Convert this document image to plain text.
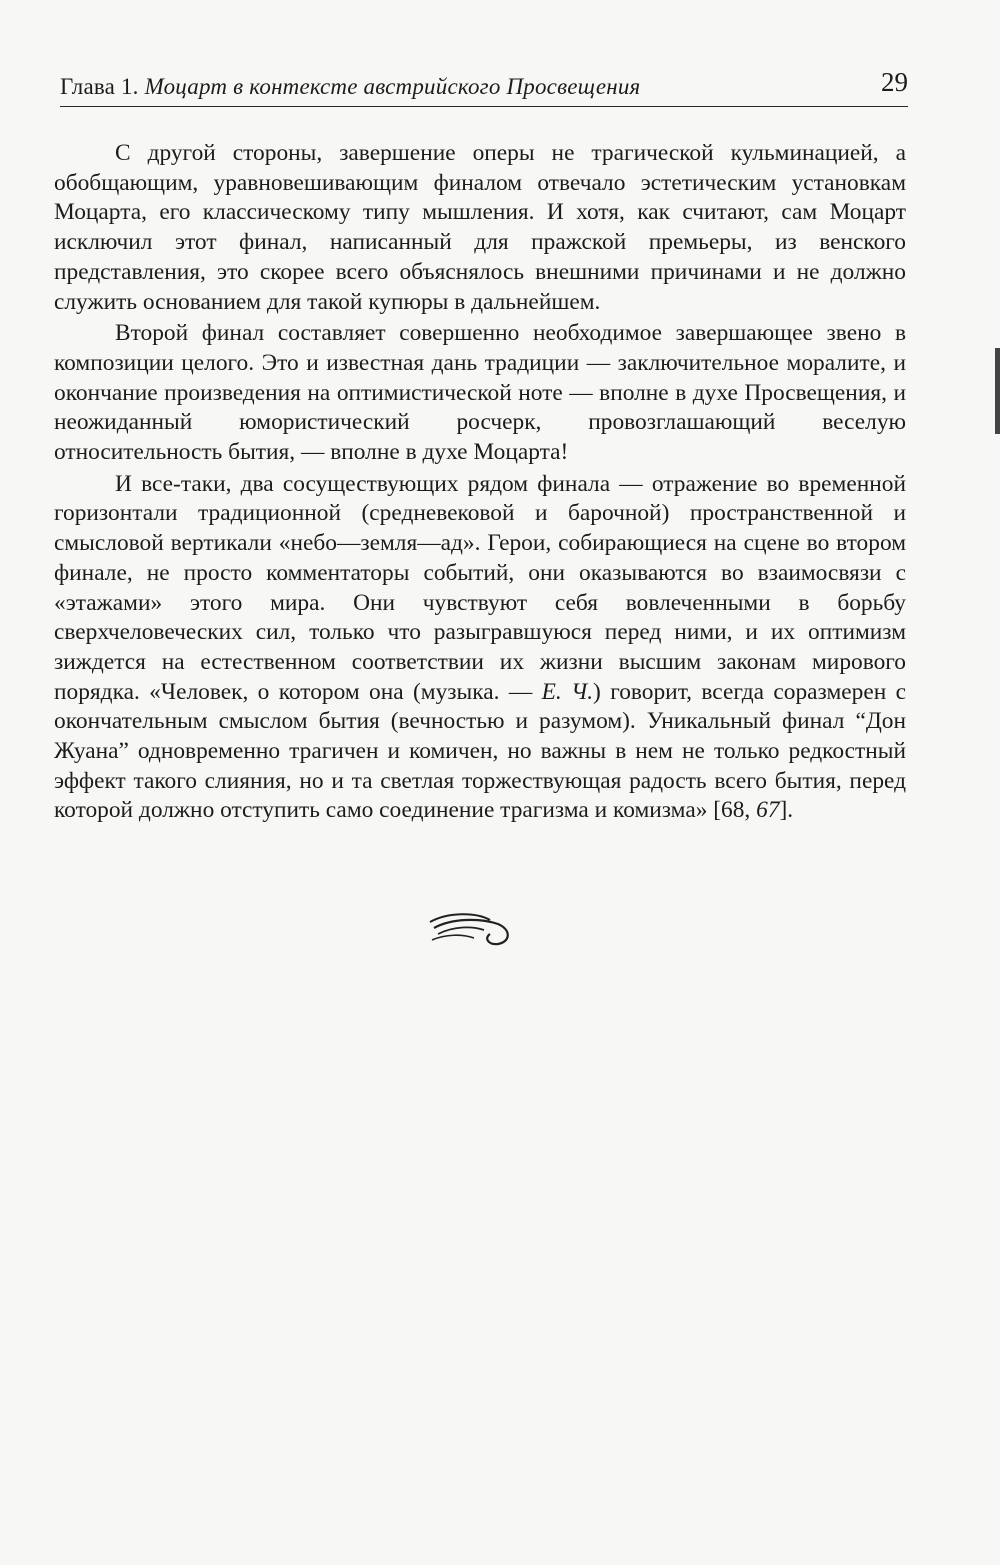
Глава 1. Моцарт в контексте австрийского Просвещения	29

С другой стороны, завершение оперы не трагической кульминацией, а обобщающим, уравновешивающим финалом отвечало эстетическим установкам Моцарта, его классическому типу мышления. И хотя, как считают, сам Моцарт исключил этот финал, написанный для пражской премьеры, из венского представления, это скорее всего объяснялось внешними причинами и не должно служить основанием для такой купюры в дальнейшем.

Второй финал составляет совершенно необходимое завершающее звено в композиции целого. Это и известная дань традиции — заключительное моралите, и окончание произведения на оптимистической ноте — вполне в духе Просвещения, и неожиданный юмористический росчерк, провозглашающий веселую относительность бытия, — вполне в духе Моцарта!

И все-таки, два сосуществующих рядом финала — отражение во временной горизонтали традиционной (средневековой и барочной) пространственной и смысловой вертикали «небо—земля—ад». Герои, собирающиеся на сцене во втором финале, не просто комментаторы событий, они оказываются во взаимосвязи с «этажами» этого мира. Они чувствуют себя вовлеченными в борьбу сверхчеловеческих сил, только что разыгравшуюся перед ними, и их оптимизм зиждется на естественном соответствии их жизни высшим законам мирового порядка. «Человек, о котором она (музыка. — Е. Ч.) говорит, всегда соразмерен с окончательным смыслом бытия (вечностью и разумом). Уникальный финал “Дон Жуана” одновременно трагичен и комичен, но важны в нем не только редкостный эффект такого слияния, но и та светлая торжествующая радость всего бытия, перед которой должно отступить само соединение трагизма и комизма» [68, 67].
